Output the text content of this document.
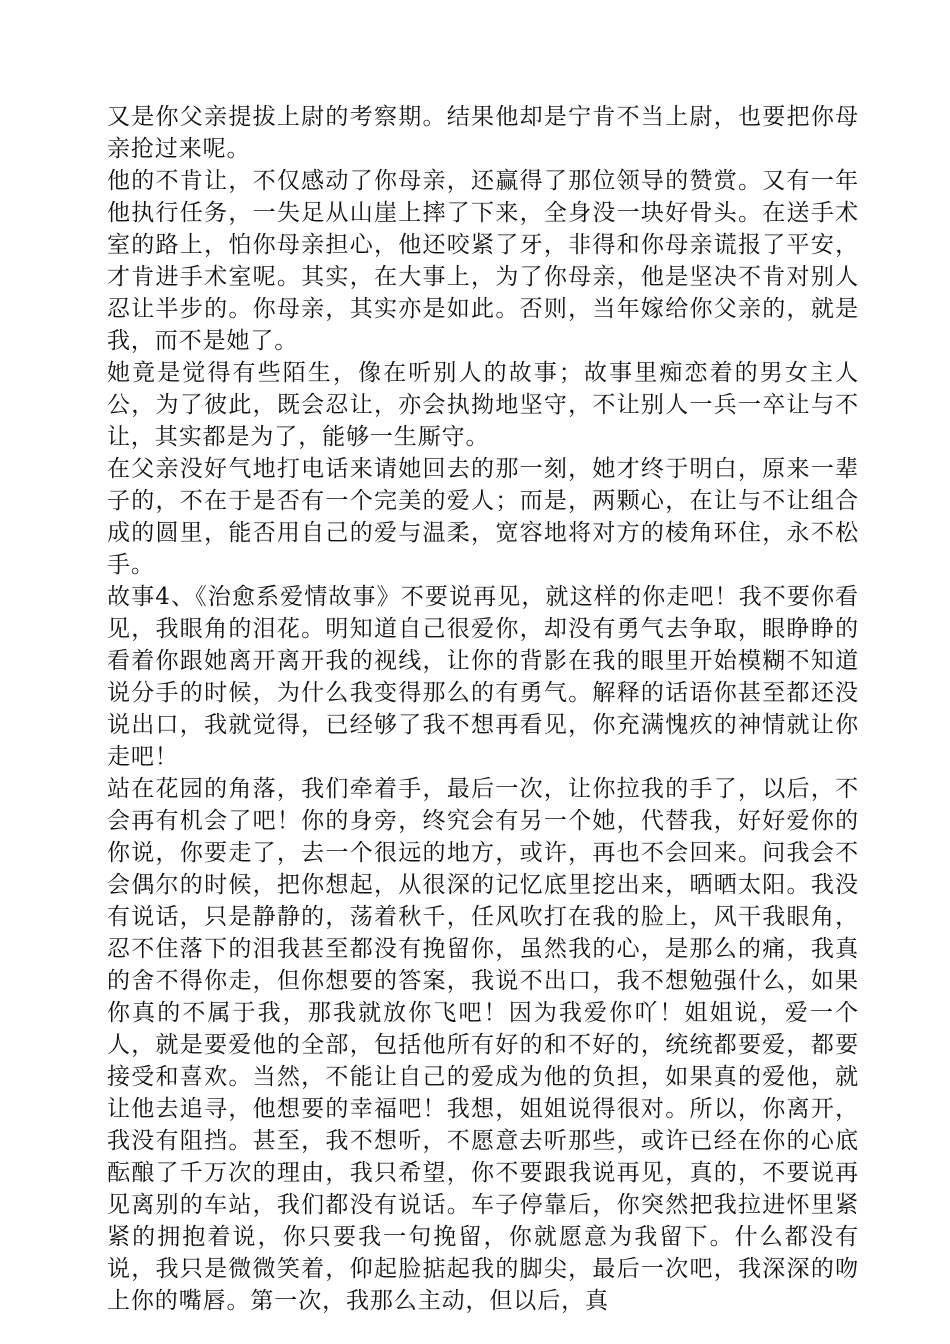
又是你父亲提拔上尉的考察期。结果他却是宁肯不当上尉，也要把你母亲抢过来呢。

他的不肯让，不仅感动了你母亲，还赢得了那位领导的赞赏。又有一年他执行任务，一失足从山崖上摔了下来，全身没一块好骨头。在送手术室的路上，怕你母亲担心，他还咬紧了牙，非得和你母亲谎报了平安，才肯进手术室呢。其实，在大事上，为了你母亲，他是坚决不肯对别人忍让半步的。你母亲，其实亦是如此。否则，当年嫁给你父亲的，就是我，而不是她了。

她竟是觉得有些陌生，像在听别人的故事；故事里痴恋着的男女主人公，为了彼此，既会忍让，亦会执拗地坚守，不让别人一兵一卒让与不让，其实都是为了，能够一生厮守。

在父亲没好气地打电话来请她回去的那一刻，她才终于明白，原来一辈子的，不在于是否有一个完美的爱人；而是，两颗心，在让与不让组合成的圆里，能否用自己的爱与温柔，宽容地将对方的棱角环住，永不松手。

故事4、《治愈系爱情故事》不要说再见，就这样的你走吧！我不要你看见，我眼角的泪花。明知道自己很爱你，却没有勇气去争取，眼睁睁的看着你跟她离开离开我的视线，让你的背影在我的眼里开始模糊不知道说分手的时候，为什么我变得那么的有勇气。解释的话语你甚至都还没说出口，我就觉得，已经够了我不想再看见，你充满愧疚的神情就让你走吧！

站在花园的角落，我们牵着手，最后一次，让你拉我的手了，以后，不会再有机会了吧！你的身旁，终究会有另一个她，代替我，好好爱你的你说，你要走了，去一个很远的地方，或许，再也不会回来。问我会不会偶尔的时候，把你想起，从很深的记忆底里挖出来，晒晒太阳。我没有说话，只是静静的，荡着秋千，任风吹打在我的脸上，风干我眼角，忍不住落下的泪我甚至都没有挽留你，虽然我的心，是那么的痛，我真的舍不得你走，但你想要的答案，我说不出口，我不想勉强什么，如果你真的不属于我，那我就放你飞吧！因为我爱你吖！姐姐说，爱一个人，就是要爱他的全部，包括他所有好的和不好的，统统都要爱，都要接受和喜欢。当然，不能让自己的爱成为他的负担，如果真的爱他，就让他去追寻，他想要的幸福吧！我想，姐姐说得很对。所以，你离开，我没有阻挡。甚至，我不想听，不愿意去听那些，或许已经在你的心底酝酿了千万次的理由，我只希望，你不要跟我说再见，真的，不要说再见离别的车站，我们都没有说话。车子停靠后，你突然把我拉进怀里紧紧的拥抱着说，你只要我一句挽留，你就愿意为我留下。什么都没有说，我只是微微笑着，仰起脸掂起我的脚尖，最后一次吧，我深深的吻上你的嘴唇。第一次，我那么主动，但以后，真
